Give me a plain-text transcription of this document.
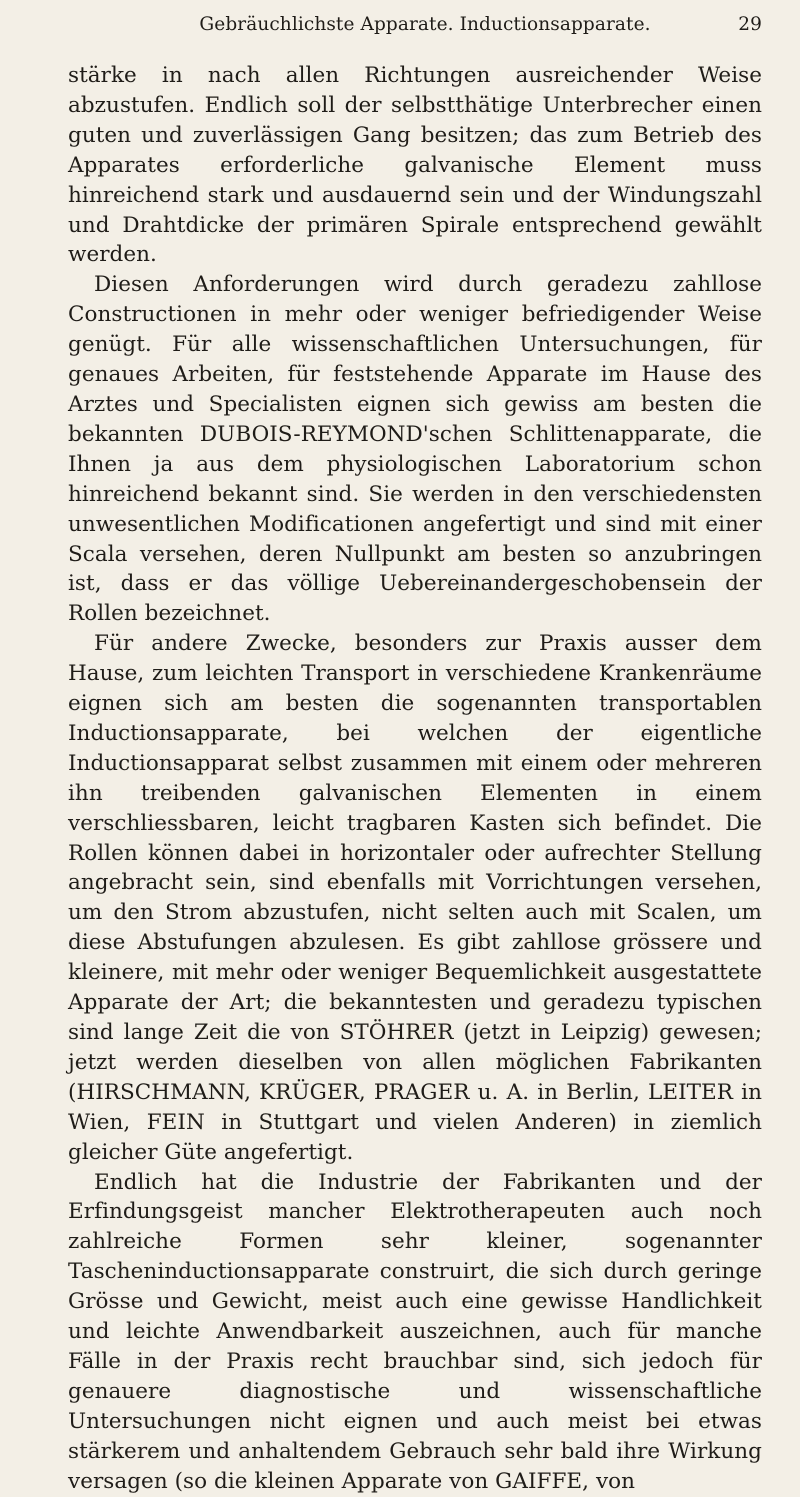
Gebräuchlichste Apparate. Inductionsapparate.	29

stärke in nach allen Richtungen ausreichender Weise abzustufen. Endlich soll der selbstthätige Unterbrecher einen guten und zuverlässigen Gang besitzen; das zum Betrieb des Apparates erforderliche galvanische Element muss hinreichend stark und ausdauernd sein und der Windungszahl und Drahtdicke der primären Spirale entsprechend gewählt werden.

Diesen Anforderungen wird durch geradezu zahllose Constructionen in mehr oder weniger befriedigender Weise genügt. Für alle wissenschaftlichen Untersuchungen, für genaues Arbeiten, für feststehende Apparate im Hause des Arztes und Specialisten eignen sich gewiss am besten die bekannten DUBOIS-REYMOND'schen Schlittenapparate, die Ihnen ja aus dem physiologischen Laboratorium schon hinreichend bekannt sind. Sie werden in den verschiedensten unwesentlichen Modificationen angefertigt und sind mit einer Scala versehen, deren Nullpunkt am besten so anzubringen ist, dass er das völlige Uebereinandergeschobensein der Rollen bezeichnet.

Für andere Zwecke, besonders zur Praxis ausser dem Hause, zum leichten Transport in verschiedene Krankenräume eignen sich am besten die sogenannten transportablen Inductionsapparate, bei welchen der eigentliche Inductionsapparat selbst zusammen mit einem oder mehreren ihn treibenden galvanischen Elementen in einem verschliessbaren, leicht tragbaren Kasten sich befindet. Die Rollen können dabei in horizontaler oder aufrechter Stellung angebracht sein, sind ebenfalls mit Vorrichtungen versehen, um den Strom abzustufen, nicht selten auch mit Scalen, um diese Abstufungen abzulesen. Es gibt zahllose grössere und kleinere, mit mehr oder weniger Bequemlichkeit ausgestattete Apparate der Art; die bekanntesten und geradezu typischen sind lange Zeit die von STÖHRER (jetzt in Leipzig) gewesen; jetzt werden dieselben von allen möglichen Fabrikanten (HIRSCHMANN, KRÜGER, PRAGER u. A. in Berlin, LEITER in Wien, FEIN in Stuttgart und vielen Anderen) in ziemlich gleicher Güte angefertigt.

Endlich hat die Industrie der Fabrikanten und der Erfindungsgeist mancher Elektrotherapeuten auch noch zahlreiche Formen sehr kleiner, sogenannter Tascheninductionsapparate construirt, die sich durch geringe Grösse und Gewicht, meist auch eine gewisse Handlichkeit und leichte Anwendbarkeit auszeichnen, auch für manche Fälle in der Praxis recht brauchbar sind, sich jedoch für genauere diagnostische und wissenschaftliche Untersuchungen nicht eignen und auch meist bei etwas stärkerem und anhaltendem Gebrauch sehr bald ihre Wirkung versagen (so die kleinen Apparate von GAIFFE, von
